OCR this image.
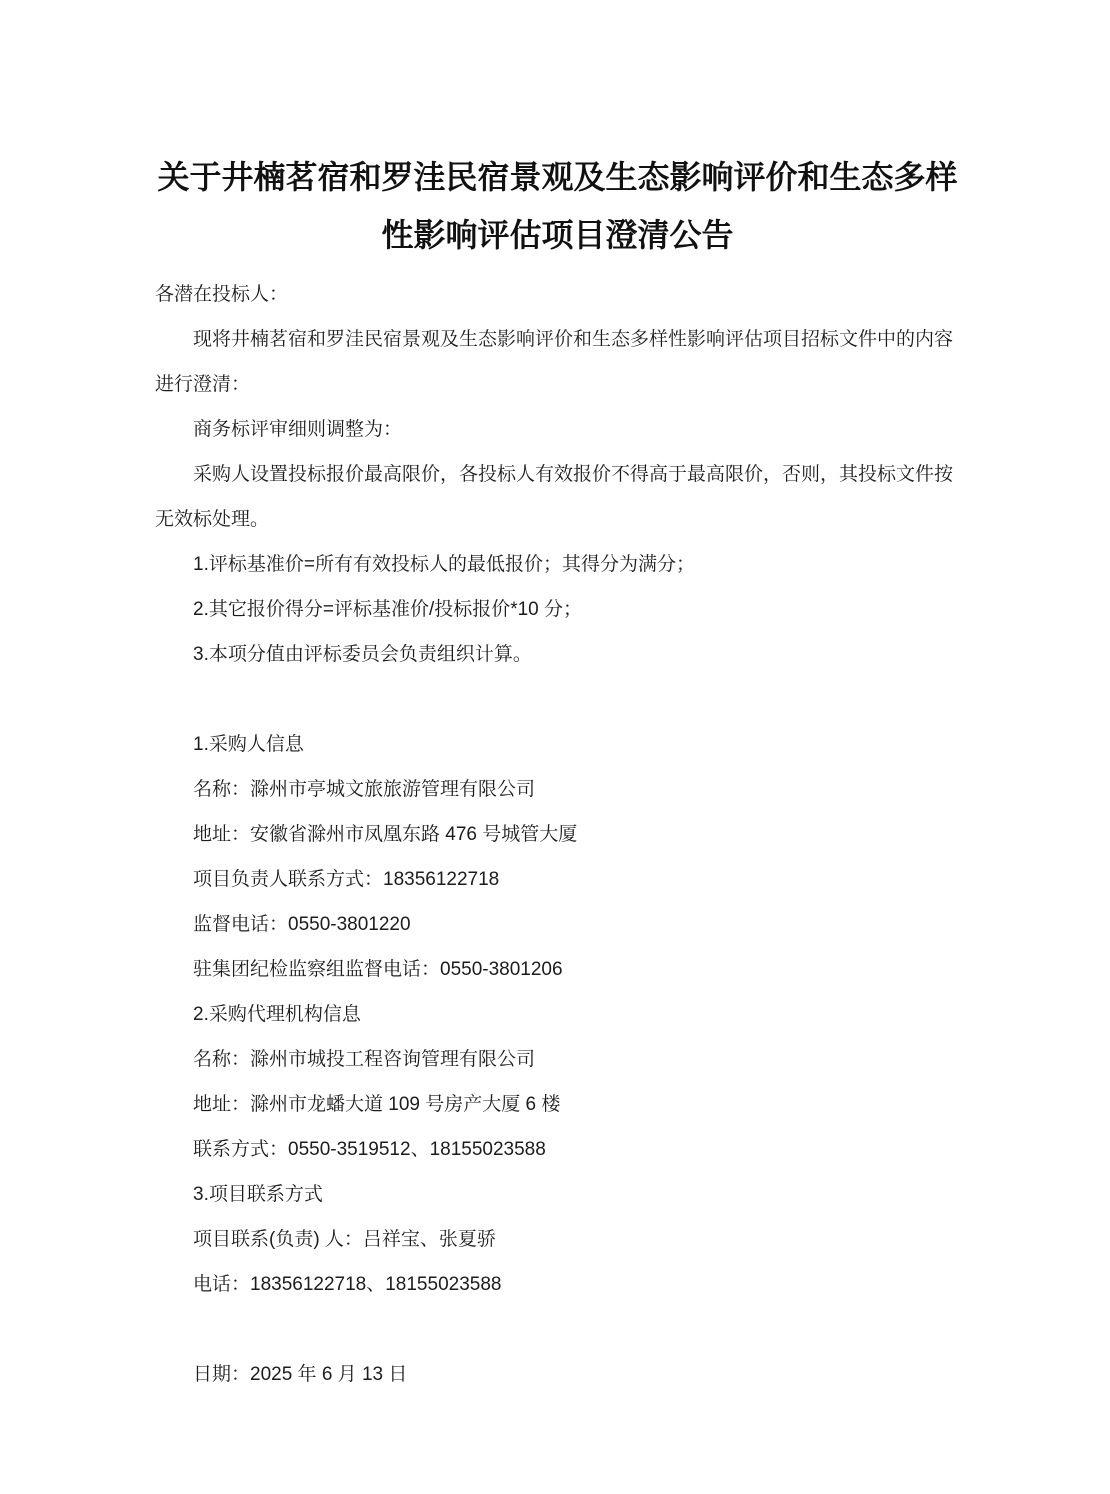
关于井楠茗宿和罗洼民宿景观及生态影响评价和生态多样性影响评估项目澄清公告

各潜在投标人：

现将井楠茗宿和罗洼民宿景观及生态影响评价和生态多样性影响评估项目招标文件中的内容进行澄清：

商务标评审细则调整为：

采购人设置投标报价最高限价，各投标人有效报价不得高于最高限价，否则，其投标文件按无效标处理。

1.评标基准价=所有有效投标人的最低报价；其得分为满分；

2.其它报价得分=评标基准价/投标报价*10 分；

3.本项分值由评标委员会负责组织计算。

1.采购人信息

名称：滁州市亭城文旅旅游管理有限公司

地址：安徽省滁州市凤凰东路 476 号城管大厦

项目负责人联系方式：18356122718

监督电话：0550-3801220

驻集团纪检监察组监督电话：0550-3801206

2.采购代理机构信息

名称：滁州市城投工程咨询管理有限公司

地址：滁州市龙蟠大道 109 号房产大厦 6 楼

联系方式：0550-3519512、18155023588

3.项目联系方式

项目联系(负责) 人：吕祥宝、张夏骄

电话：18356122718、18155023588

日期：2025 年 6 月 13 日
